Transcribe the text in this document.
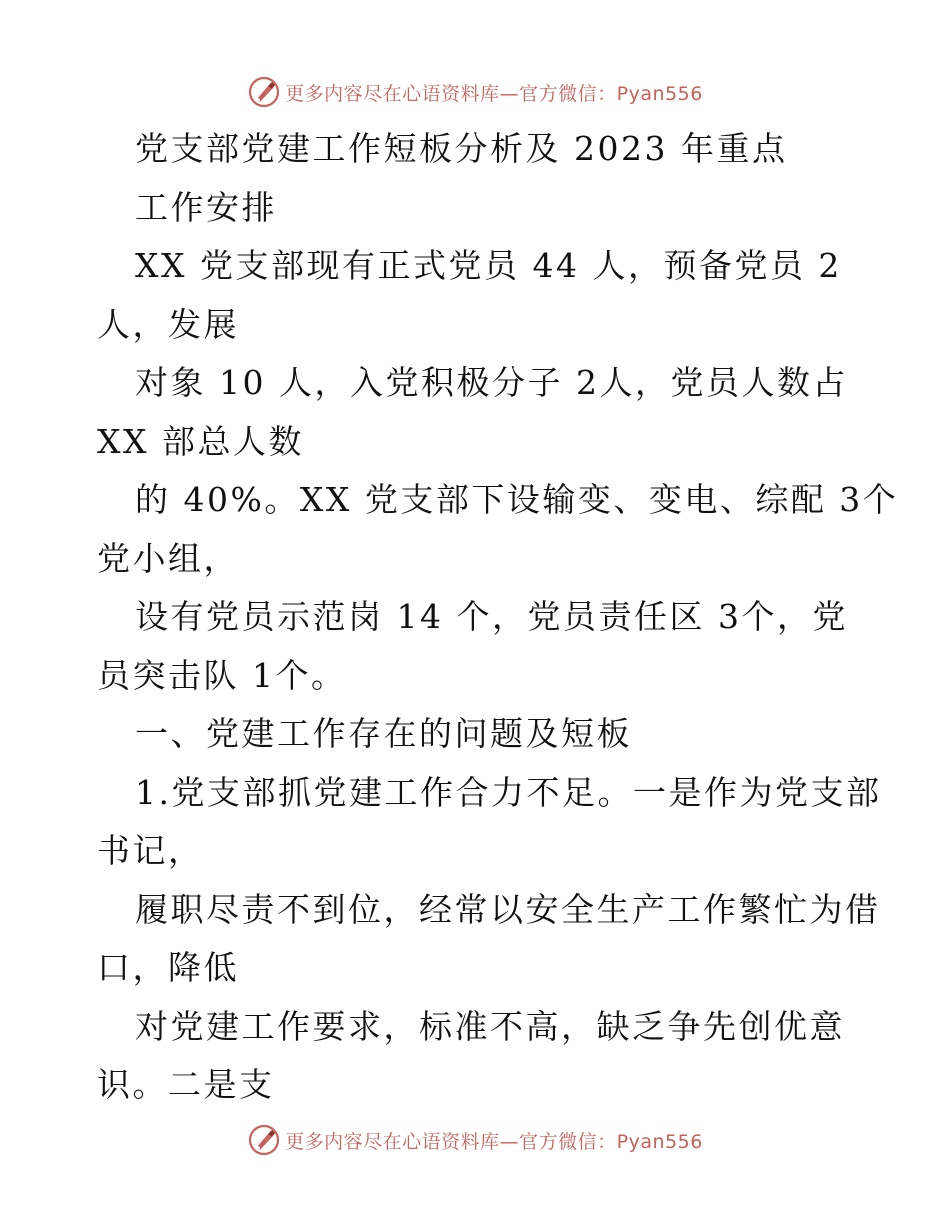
更多内容尽在心语资料库—官方微信：Pyan556
党支部党建工作短板分析及 2023 年重点
工作安排
XX 党支部现有正式党员 44 人，预备党员 2
人，发展
对象 10 人，入党积极分子 2人，党员人数占
XX 部总人数
的 40%。XX 党支部下设输变、变电、综配 3个
党小组，
设有党员示范岗 14 个，党员责任区 3个，党
员突击队 1个。
一、党建工作存在的问题及短板
1.党支部抓党建工作合力不足。一是作为党支部
书记，
履职尽责不到位，经常以安全生产工作繁忙为借
口，降低
对党建工作要求，标准不高，缺乏争先创优意
识。二是支
更多内容尽在心语资料库—官方微信：Pyan556
